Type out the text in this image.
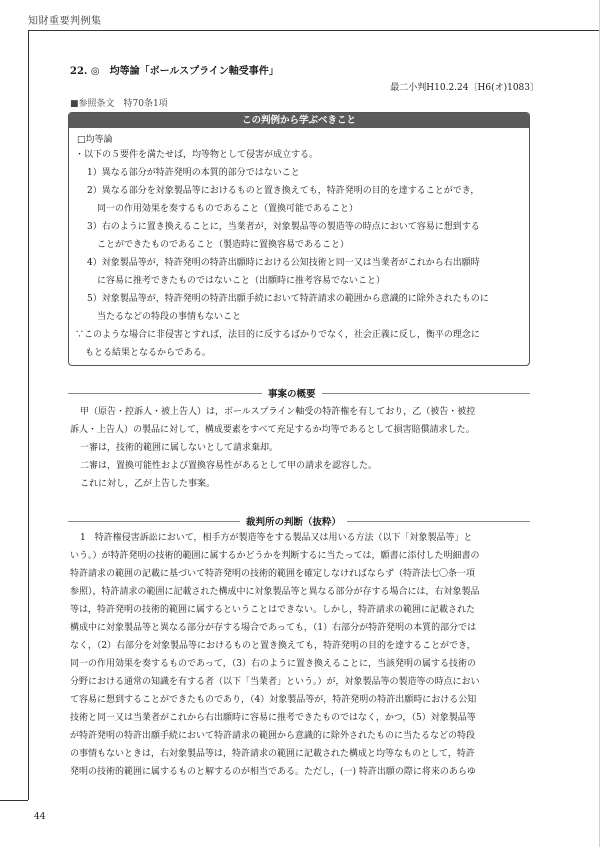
知財重要判例集
44
22. ◎　均等論「ボールスプライン軸受事件」
最二小判H10.2.24〔H6(オ)1083〕
■参照条文　特70条1項
この判例から学ぶべきこと
□均等論
・以下の５要件を満たせば，均等物として侵害が成立する。
1）異なる部分が特許発明の本質的部分ではないこと
2）異なる部分を対象製品等におけるものと置き換えても，特許発明の目的を達することができ，
同一の作用効果を奏するものであること（置換可能であること）
3）右のように置き換えることに，当業者が，対象製品等の製造等の時点において容易に想到する
ことができたものであること（製造時に置換容易であること）
4）対象製品等が，特許発明の特許出願時における公知技術と同一又は当業者がこれから右出願時
に容易に推考できたものではないこと（出願時に推考容易でないこと）
5）対象製品等が，特許発明の特許出願手続において特許請求の範囲から意識的に除外されたものに
当たるなどの特段の事情もないこと
∵このような場合に非侵害とすれば，法目的に反するばかりでなく，社会正義に反し，衡平の理念に
もとる結果となるからである。
事案の概要
甲（原告・控訴人・被上告人）は，ボールスプライン軸受の特許権を有しており，乙（被告・被控
訴人・上告人）の製品に対して，構成要素をすべて充足するか均等であるとして損害賠償請求した。
一審は，技術的範囲に属しないとして請求棄却。
二審は，置換可能性および置換容易性があるとして甲の請求を認容した。
これに対し，乙が上告した事案。
裁判所の判断（抜粋）
1　特許権侵害訴訟において，相手方が製造等をする製品又は用いる方法（以下「対象製品等」と
いう。）が特許発明の技術的範囲に属するかどうかを判断するに当たっては，願書に添付した明細書の
特許請求の範囲の記載に基づいて特許発明の技術的範囲を確定しなければならず（特許法七〇条一項
参照），特許請求の範囲に記載された構成中に対象製品等と異なる部分が存する場合には，右対象製品
等は，特許発明の技術的範囲に属するということはできない。しかし，特許請求の範囲に記載された
構成中に対象製品等と異なる部分が存する場合であっても，（1）右部分が特許発明の本質的部分では
なく，（2）右部分を対象製品等におけるものと置き換えても，特許発明の目的を達することができ，
同一の作用効果を奏するものであって，（3）右のように置き換えることに，当該発明の属する技術の
分野における通常の知識を有する者（以下「当業者」という。）が，対象製品等の製造等の時点におい
て容易に想到することができたものであり，（4）対象製品等が，特許発明の特許出願時における公知
技術と同一又は当業者がこれから右出願時に容易に推考できたものではなく，かつ，（5）対象製品等
が特許発明の特許出願手続において特許請求の範囲から意識的に除外されたものに当たるなどの特段
の事情もないときは，右対象製品等は，特許請求の範囲に記載された構成と均等なものとして，特許
発明の技術的範囲に属するものと解するのが相当である。ただし，(一) 特許出願の際に将来のあらゆ
